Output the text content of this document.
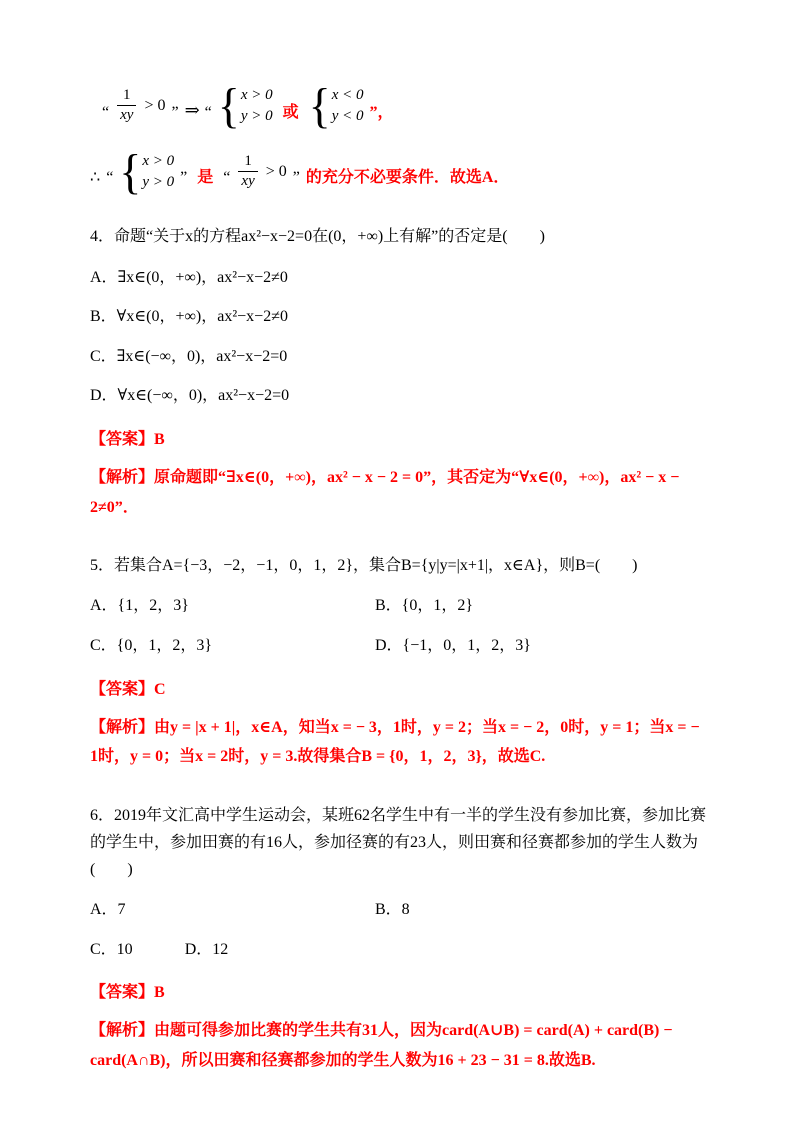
“ $\frac{1}{xy} > 0$ ” ⇒ “ { x > 0
y > 0 或 { x < 0
y < 0 ”，
∴ “ { x > 0
y > 0 ” 是 “ $\frac{1}{xy} > 0$ ” 的充分不必要条件．故选A．

4．命题“关于x的方程ax²−x−2=0在(0，+∞)上有解”的否定是(　　)

A．∃x∈(0，+∞)，ax²−x−2≠0

B．∀x∈(0，+∞)，ax²−x−2≠0

C．∃x∈(−∞，0)，ax²−x−2=0

D．∀x∈(−∞，0)，ax²−x−2=0

【答案】B

【解析】原命题即“∃x∈(0，+∞)，ax² − x − 2 = 0”，其否定为“∀x∈(0，+∞)，ax² − x − 2≠0”．

5．若集合A={−3，−2，−1，0，1，2}，集合B={y|y=|x+1|，x∈A}，则B=(　　)

A．{1，2，3}	B．{0，1，2}

C．{0，1，2，3}	D．{−1，0，1，2，3}

【答案】C

【解析】由y = |x + 1|，x∈A，知当x = − 3，1时，y = 2；当x = − 2，0时，y = 1；当x = − 1时，y = 0；当x = 2时，y = 3.故得集合B = {0，1，2，3}，故选C.

6．2019年文汇高中学生运动会，某班62名学生中有一半的学生没有参加比赛，参加比赛的学生中，参加田赛的有16人，参加径赛的有23人，则田赛和径赛都参加的学生人数为(　　)

A．7	B．8

C．10	D．12

【答案】B

【解析】由题可得参加比赛的学生共有31人，因为card(A∪B) = card(A) + card(B) − card(A∩B)，所以田赛和径赛都参加的学生人数为16 + 23 − 31 = 8.故选B.
